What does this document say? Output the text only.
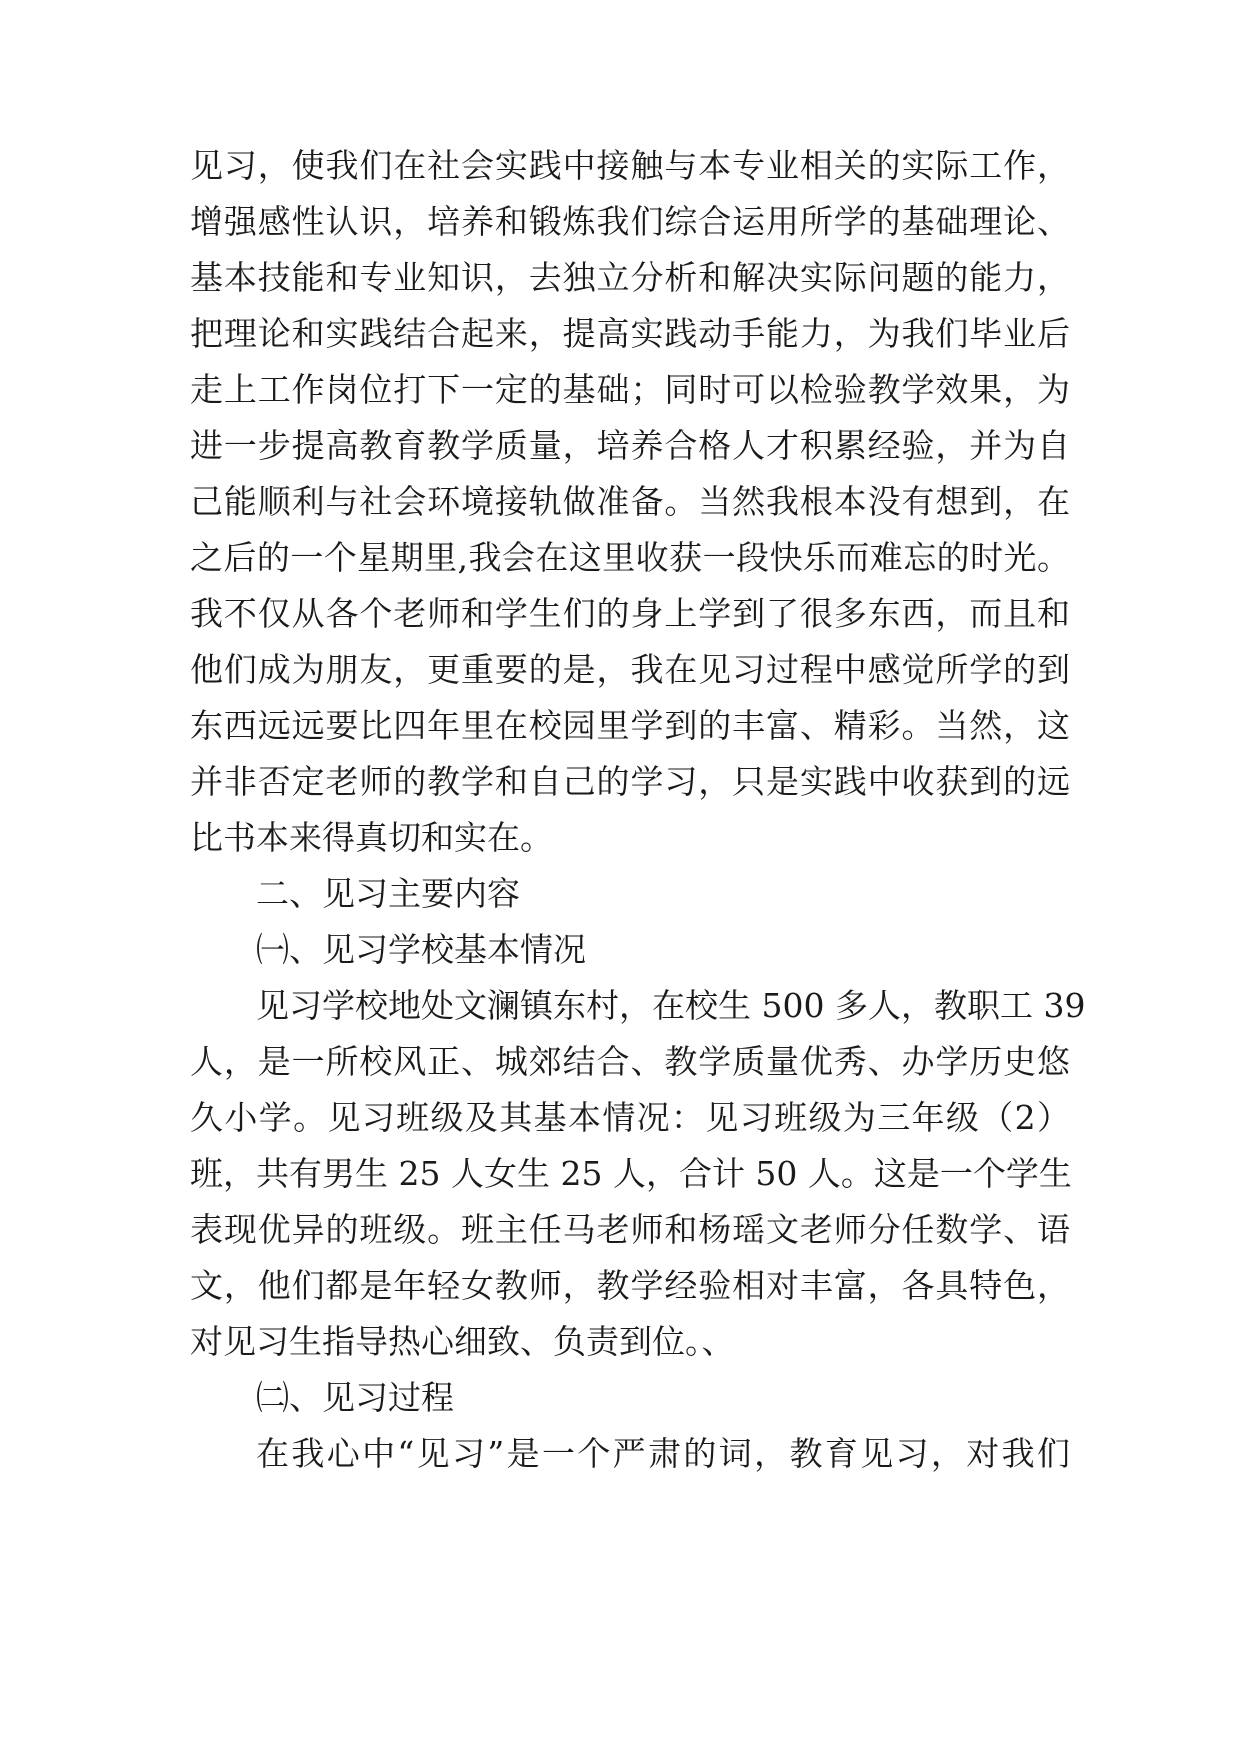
见习，使我们在社会实践中接触与本专业相关的实际工作，
增强感性认识，培养和锻炼我们综合运用所学的基础理论、
基本技能和专业知识，去独立分析和解决实际问题的能力，
把理论和实践结合起来，提高实践动手能力，为我们毕业后
走上工作岗位打下一定的基础；同时可以检验教学效果，为
进一步提高教育教学质量，培养合格人才积累经验，并为自
己能顺利与社会环境接轨做准备。当然我根本没有想到，在
之后的一个星期里,我会在这里收获一段快乐而难忘的时光。
我不仅从各个老师和学生们的身上学到了很多东西，而且和
他们成为朋友，更重要的是，我在见习过程中感觉所学的到
东西远远要比四年里在校园里学到的丰富、精彩。当然，这
并非否定老师的教学和自己的学习，只是实践中收获到的远
比书本来得真切和实在。
二、见习主要内容
㈠、见习学校基本情况
见习学校地处文澜镇东村，在校生 500 多人，教职工 39
人，是一所校风正、城郊结合、教学质量优秀、办学历史悠
久小学。见习班级及其基本情况：见习班级为三年级（2）
班，共有男生 25 人女生 25 人，合计 50 人。这是一个学生
表现优异的班级。班主任马老师和杨瑶文老师分任数学、语
文，他们都是年轻女教师，教学经验相对丰富，各具特色，
对见习生指导热心细致、负责到位。、
㈡、见习过程
在我心中“见习”是一个严肃的词，教育见习，对我们
